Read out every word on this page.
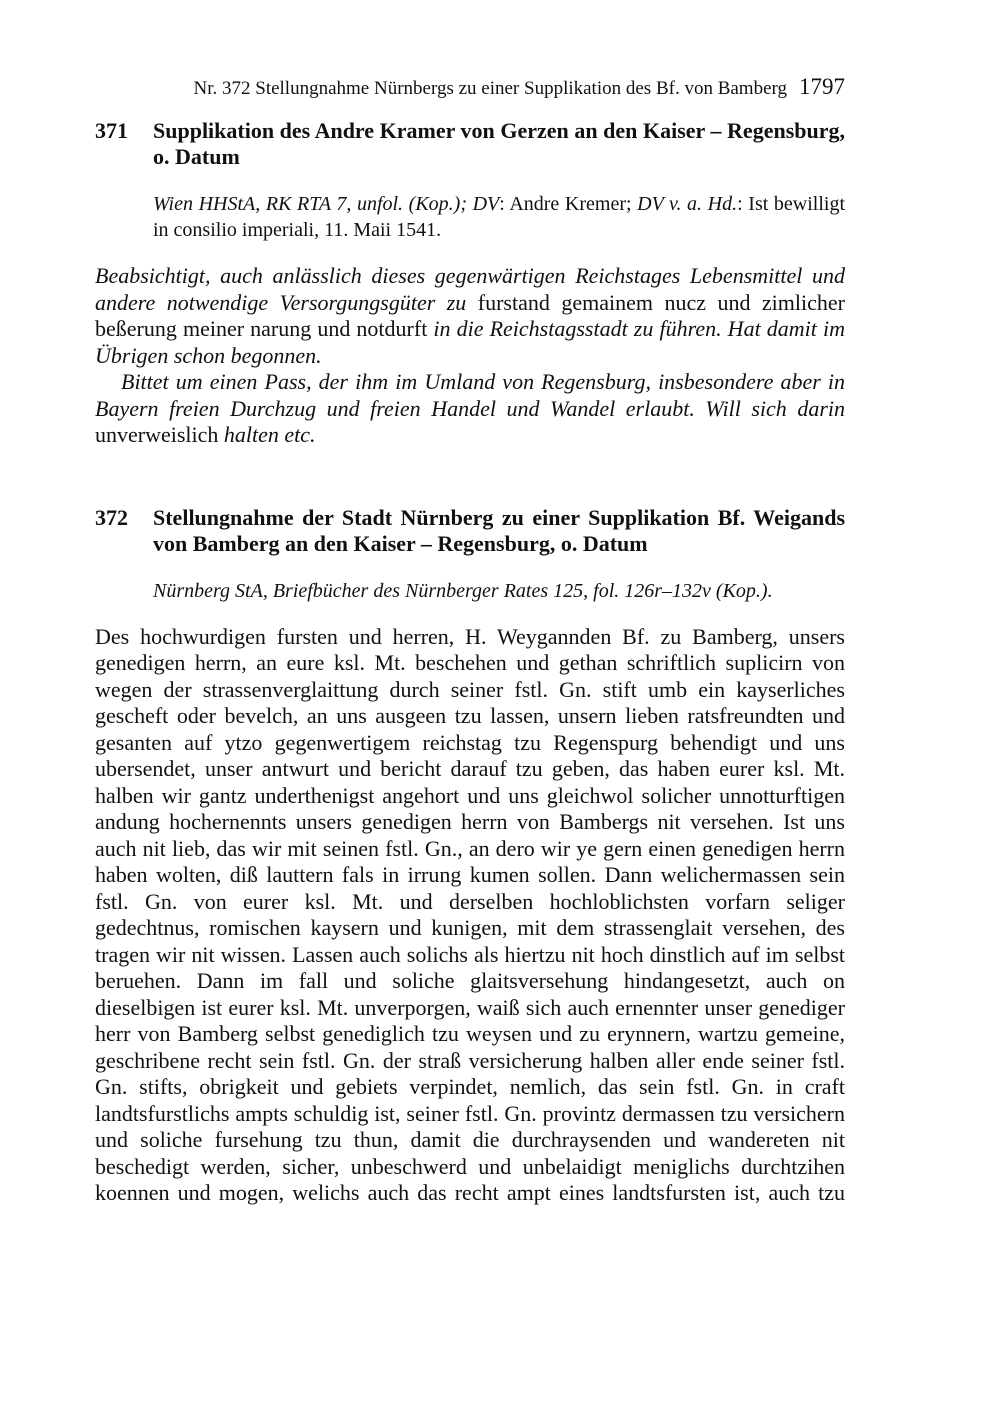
Nr. 372 Stellungnahme Nürnbergs zu einer Supplikation des Bf. von Bamberg 1797
371	Supplikation des Andre Kramer von Gerzen an den Kaiser – Regensburg, o. Datum
Wien HHStA, RK RTA 7, unfol. (Kop.); DV: Andre Kremer; DV v. a. Hd.: Ist bewilligt in consilio imperiali, 11. Maii 1541.

Beabsichtigt, auch anlässlich dieses gegenwärtigen Reichstages Lebensmittel und andere notwendige Versorgungsgüter zu furstand gemainem nucz und zimlicher beßerung meiner narung und notdurft in die Reichstagsstadt zu führen. Hat damit im Übrigen schon begonnen.

Bittet um einen Pass, der ihm im Umland von Regensburg, insbesondere aber in Bayern freien Durchzug und freien Handel und Wandel erlaubt. Will sich darin unverweislich halten etc.

372	Stellungnahme der Stadt Nürnberg zu einer Supplikation Bf. Weigands von Bamberg an den Kaiser – Regensburg, o. Datum
Nürnberg StA, Briefbücher des Nürnberger Rates 125, fol. 126r–132v (Kop.).

Des hochwurdigen fursten und herren, H. Weygannden Bf. zu Bamberg, unsers genedigen herrn, an eure ksl. Mt. beschehen und gethan schriftlich suplicirn von wegen der strassenverglaittung durch seiner fstl. Gn. stift umb ein kayserliches gescheft oder bevelch, an uns ausgeen tzu lassen, unsern lieben ratsfreundten und gesanten auf ytzo gegenwertigem reichstag tzu Regenspurg behendigt und uns ubersendet, unser antwurt und bericht darauf tzu geben, das haben eurer ksl. Mt. halben wir gantz underthenigst angehort und uns gleichwol solicher unnotturftigen andung hochernennts unsers genedigen herrn von Bambergs nit versehen. Ist uns auch nit lieb, das wir mit seinen fstl. Gn., an dero wir ye gern einen genedigen herrn haben wolten, diß lauttern fals in irrung kumen sollen. Dann welichermassen sein fstl. Gn. von eurer ksl. Mt. und derselben hochloblichsten vorfarn seliger gedechtnus, romischen kaysern und kunigen, mit dem strassenglait versehen, des tragen wir nit wissen. Lassen auch solichs als hiertzu nit hoch dinstlich auf im selbst beruehen. Dann im fall und soliche glaitsversehung hindangesetzt, auch on dieselbigen ist eurer ksl. Mt. unverporgen, waiß sich auch ernennter unser genediger herr von Bamberg selbst genediglich tzu weysen und zu erynnern, wartzu gemeine, geschribene recht sein fstl. Gn. der straß versicherung halben aller ende seiner fstl. Gn. stifts, obrigkeit und gebiets verpindet, nemlich, das sein fstl. Gn. in craft landtsfurstlichs ampts schuldig ist, seiner fstl. Gn. provintz dermassen tzu versichern und soliche fursehung tzu thun, damit die durchraysenden und wandereten nit beschedigt werden, sicher, unbeschwerd und unbelaidigt meniglichs durchtzihen koennen und mogen, welichs auch das recht ampt eines landtsfursten ist, auch tzu
